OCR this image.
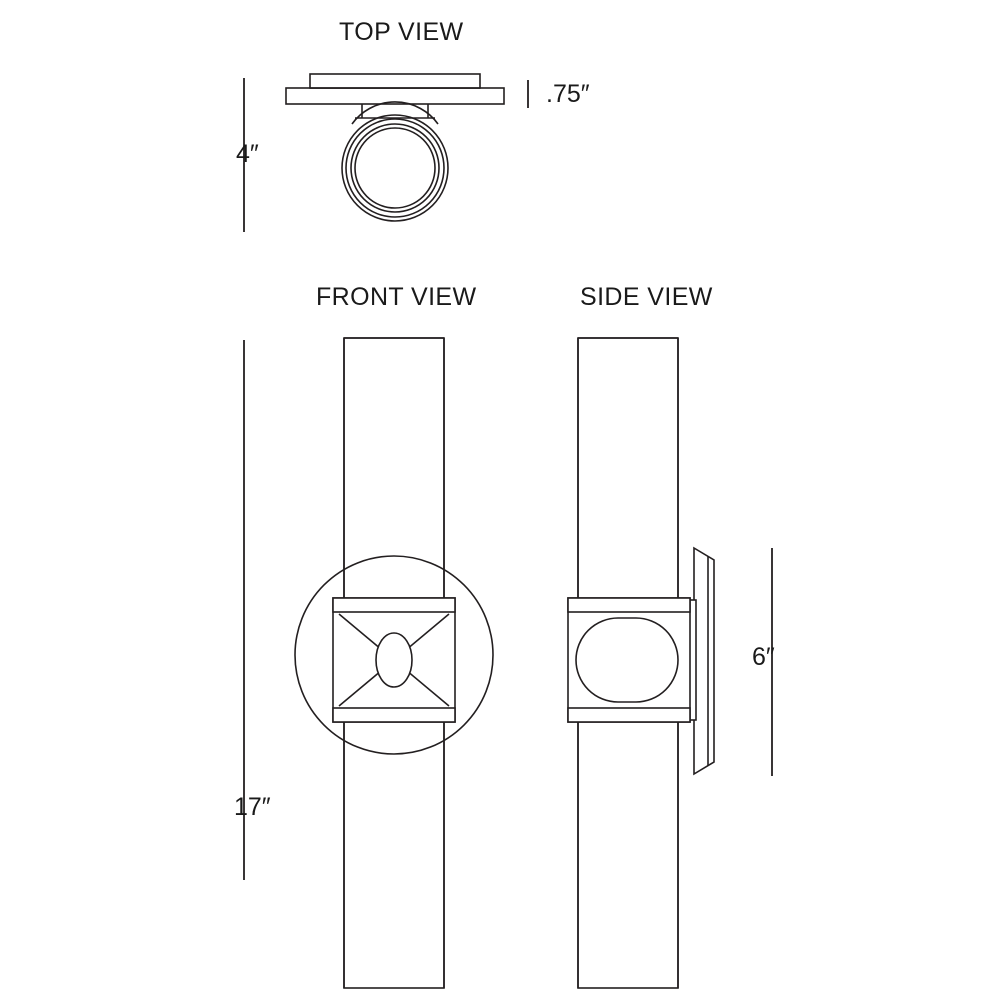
TOP VIEW
FRONT VIEW	SIDE VIEW
4″
.75″
17″
6″
